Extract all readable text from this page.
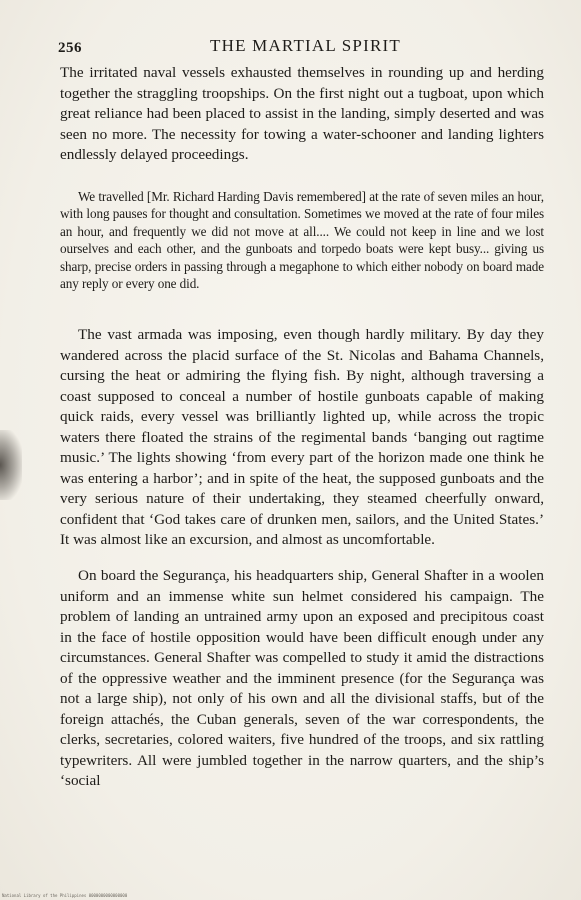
256	THE MARTIAL SPIRIT

The irritated naval vessels exhausted themselves in rounding up and herding together the straggling troopships. On the first night out a tugboat, upon which great reliance had been placed to assist in the landing, simply deserted and was seen no more. The necessity for towing a water-schooner and landing lighters endlessly delayed proceedings.

We travelled [Mr. Richard Harding Davis remembered] at the rate of seven miles an hour, with long pauses for thought and consultation. Sometimes we moved at the rate of four miles an hour, and frequently we did not move at all.... We could not keep in line and we lost ourselves and each other, and the gunboats and torpedo boats were kept busy... giving us sharp, precise orders in passing through a megaphone to which either nobody on board made any reply or every one did.

The vast armada was imposing, even though hardly military. By day they wandered across the placid surface of the St. Nicolas and Bahama Channels, cursing the heat or admiring the flying fish. By night, although traversing a coast supposed to conceal a number of hostile gunboats capable of making quick raids, every vessel was brilliantly lighted up, while across the tropic waters there floated the strains of the regimental bands ‘banging out ragtime music.’ The lights showing ‘from every part of the horizon made one think he was entering a harbor’; and in spite of the heat, the supposed gunboats and the very serious nature of their undertaking, they steamed cheerfully onward, confident that ‘God takes care of drunken men, sailors, and the United States.’ It was almost like an excursion, and almost as uncomfortable.

On board the Segurança, his headquarters ship, General Shafter in a woolen uniform and an immense white sun helmet considered his campaign. The problem of landing an untrained army upon an exposed and precipitous coast in the face of hostile opposition would have been difficult enough under any circumstances. General Shafter was compelled to study it amid the distractions of the oppressive weather and the imminent presence (for the Segurança was not a large ship), not only of his own and all the divisional staffs, but of the foreign attachés, the Cuban generals, seven of the war correspondents, the clerks, secretaries, colored waiters, five hundred of the troops, and six rattling typewriters. All were jumbled together in the narrow quarters, and the ship’s ‘social

National Library of the Philippines 0000000000000000
